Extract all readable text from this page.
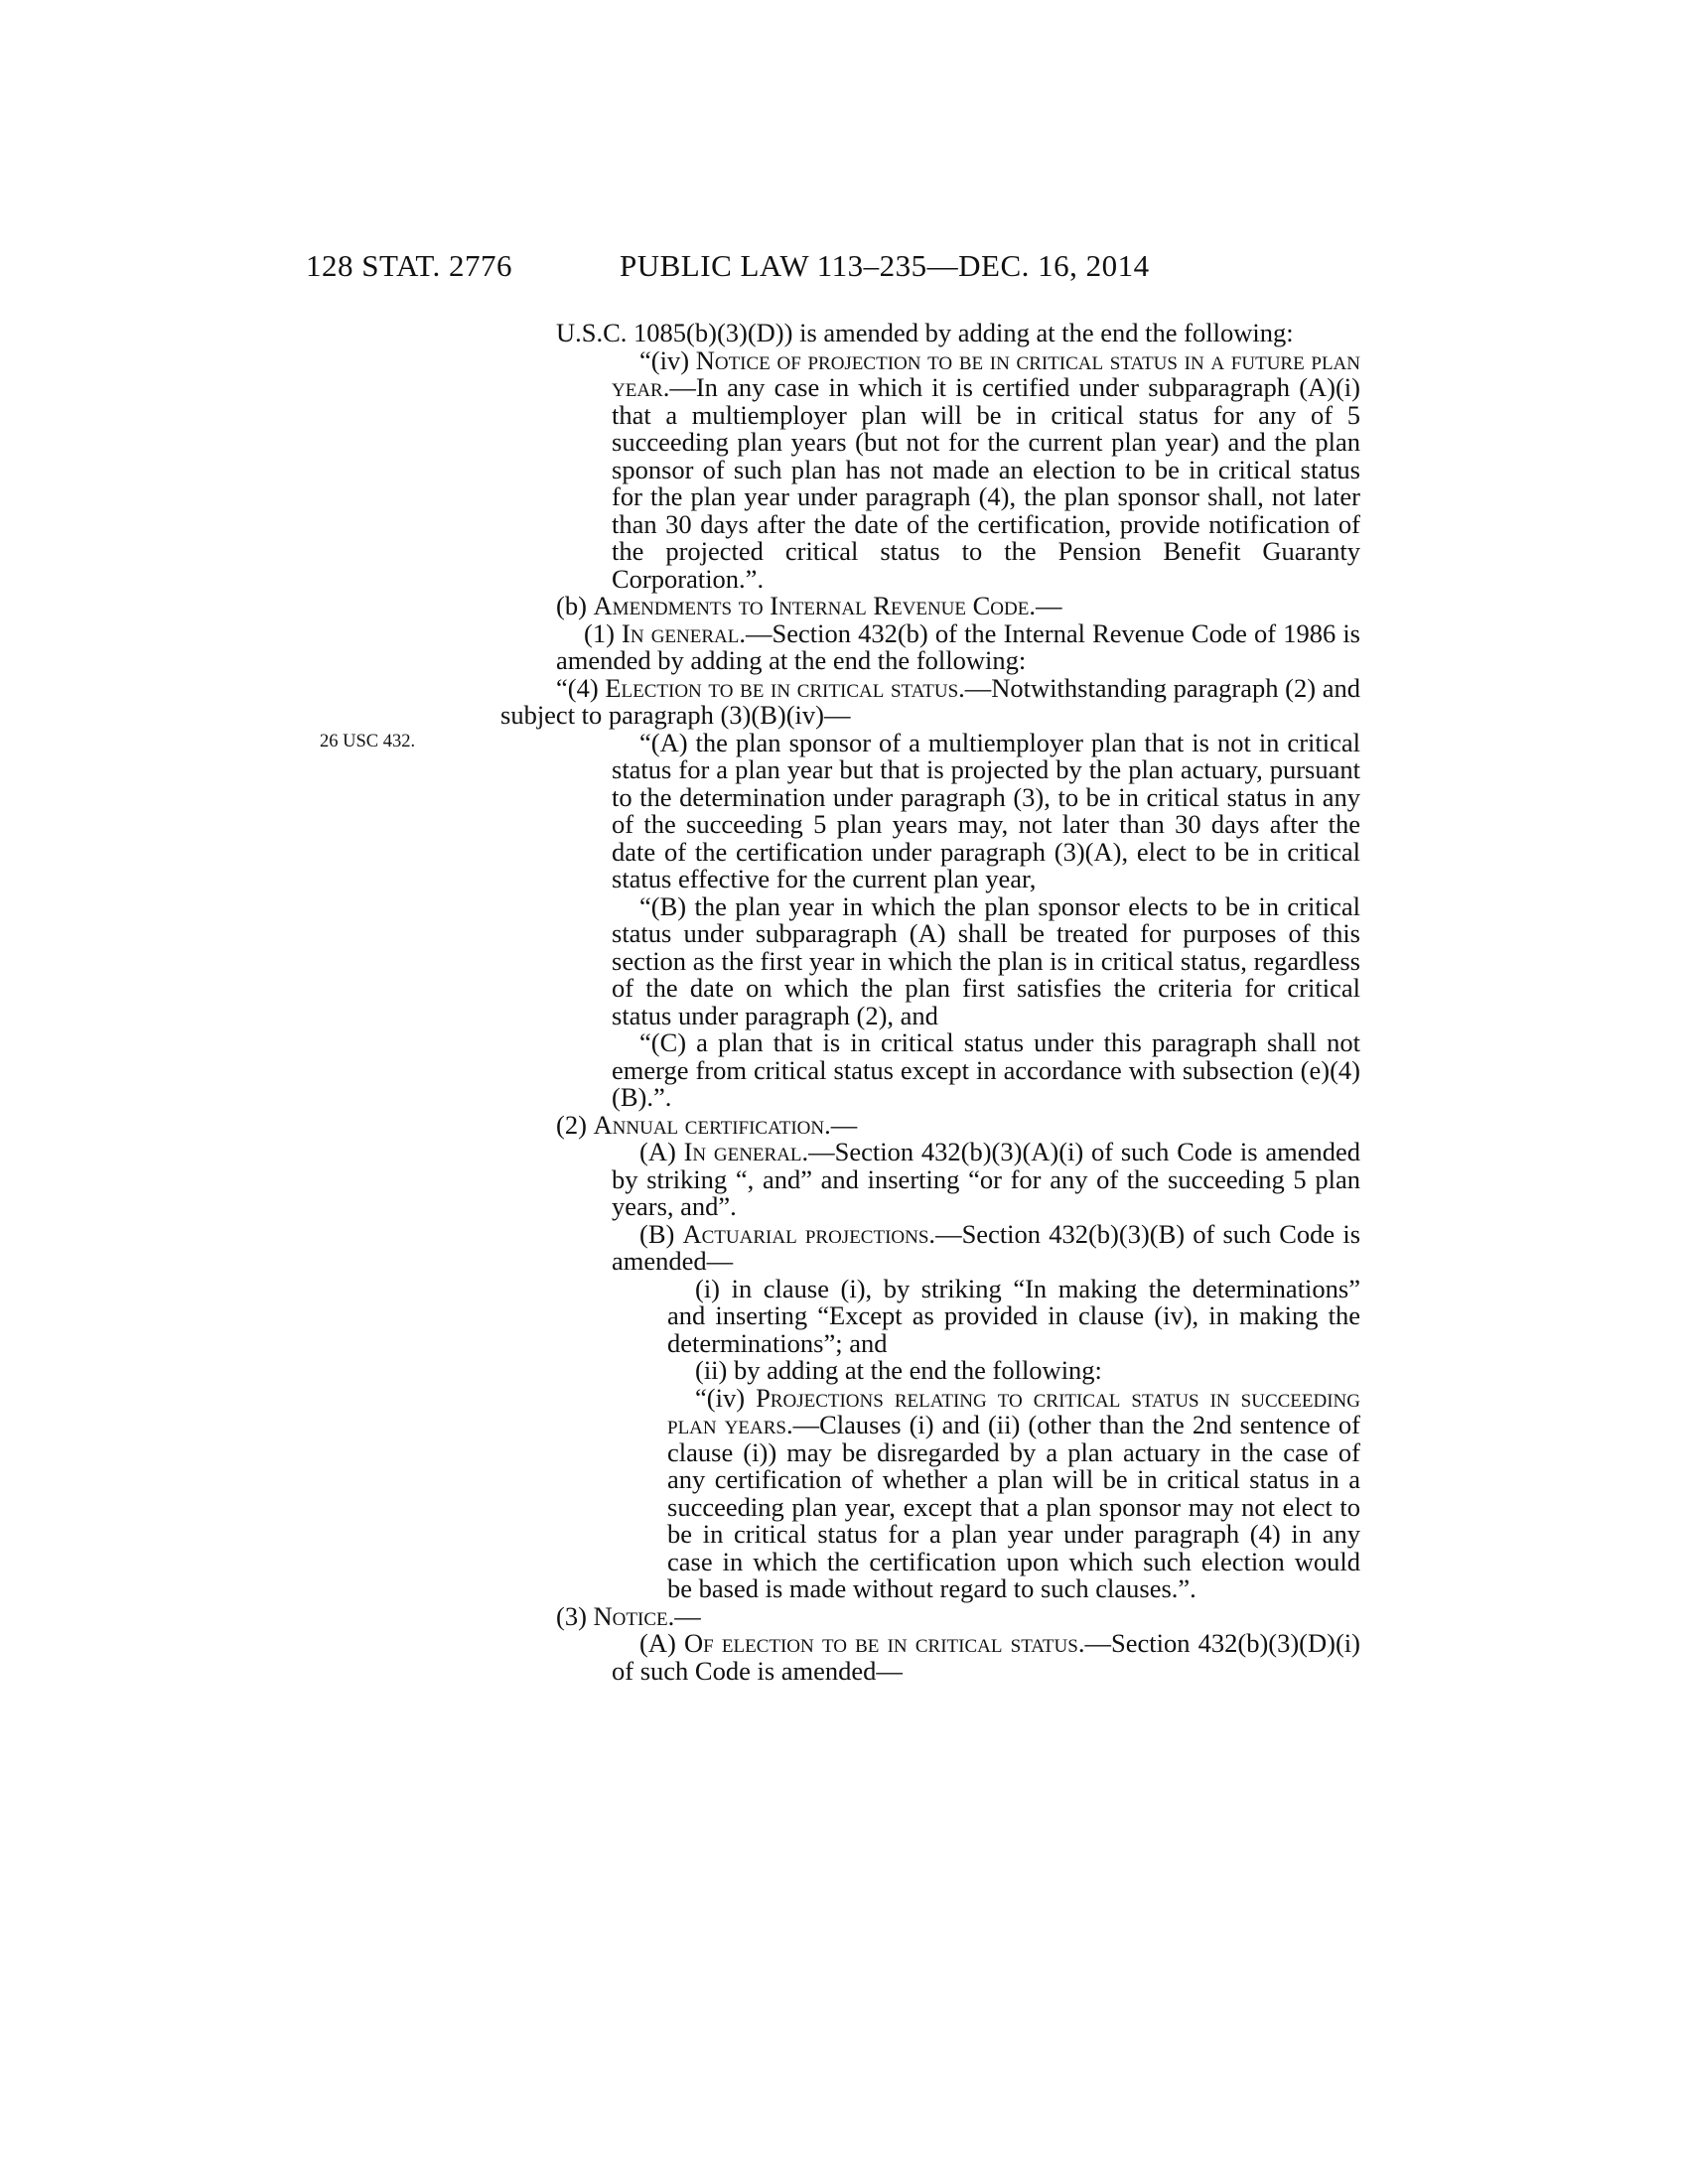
128 STAT. 2776	PUBLIC LAW 113–235—DEC. 16, 2014
26 USC 432.

U.S.C. 1085(b)(3)(D)) is amended by adding at the end the following:

“(iv) Notice of projection to be in critical status in a future plan year.—In any case in which it is certified under subparagraph (A)(i) that a multiemployer plan will be in critical status for any of 5 succeeding plan years (but not for the current plan year) and the plan sponsor of such plan has not made an election to be in critical status for the plan year under paragraph (4), the plan sponsor shall, not later than 30 days after the date of the certification, provide notification of the projected critical status to the Pension Benefit Guaranty Corporation.”.

(b) Amendments to Internal Revenue Code.—

(1) In general.—Section 432(b) of the Internal Revenue Code of 1986 is amended by adding at the end the following:

“(4) Election to be in critical status.—Notwithstanding paragraph (2) and subject to paragraph (3)(B)(iv)—

“(A) the plan sponsor of a multiemployer plan that is not in critical status for a plan year but that is projected by the plan actuary, pursuant to the determination under paragraph (3), to be in critical status in any of the succeeding 5 plan years may, not later than 30 days after the date of the certification under paragraph (3)(A), elect to be in critical status effective for the current plan year,

“(B) the plan year in which the plan sponsor elects to be in critical status under subparagraph (A) shall be treated for purposes of this section as the first year in which the plan is in critical status, regardless of the date on which the plan first satisfies the criteria for critical status under paragraph (2), and

“(C) a plan that is in critical status under this paragraph shall not emerge from critical status except in accordance with subsection (e)(4)(B).”.

(2) Annual certification.—

(A) In general.—Section 432(b)(3)(A)(i) of such Code is amended by striking “, and” and inserting “or for any of the succeeding 5 plan years, and”.

(B) Actuarial projections.—Section 432(b)(3)(B) of such Code is amended—

(i) in clause (i), by striking “In making the determinations” and inserting “Except as provided in clause (iv), in making the determinations”; and

(ii) by adding at the end the following:

“(iv) Projections relating to critical status in succeeding plan years.—Clauses (i) and (ii) (other than the 2nd sentence of clause (i)) may be disregarded by a plan actuary in the case of any certification of whether a plan will be in critical status in a succeeding plan year, except that a plan sponsor may not elect to be in critical status for a plan year under paragraph (4) in any case in which the certification upon which such election would be based is made without regard to such clauses.”.

(3) Notice.—

(A) Of election to be in critical status.—Section 432(b)(3)(D)(i) of such Code is amended—
